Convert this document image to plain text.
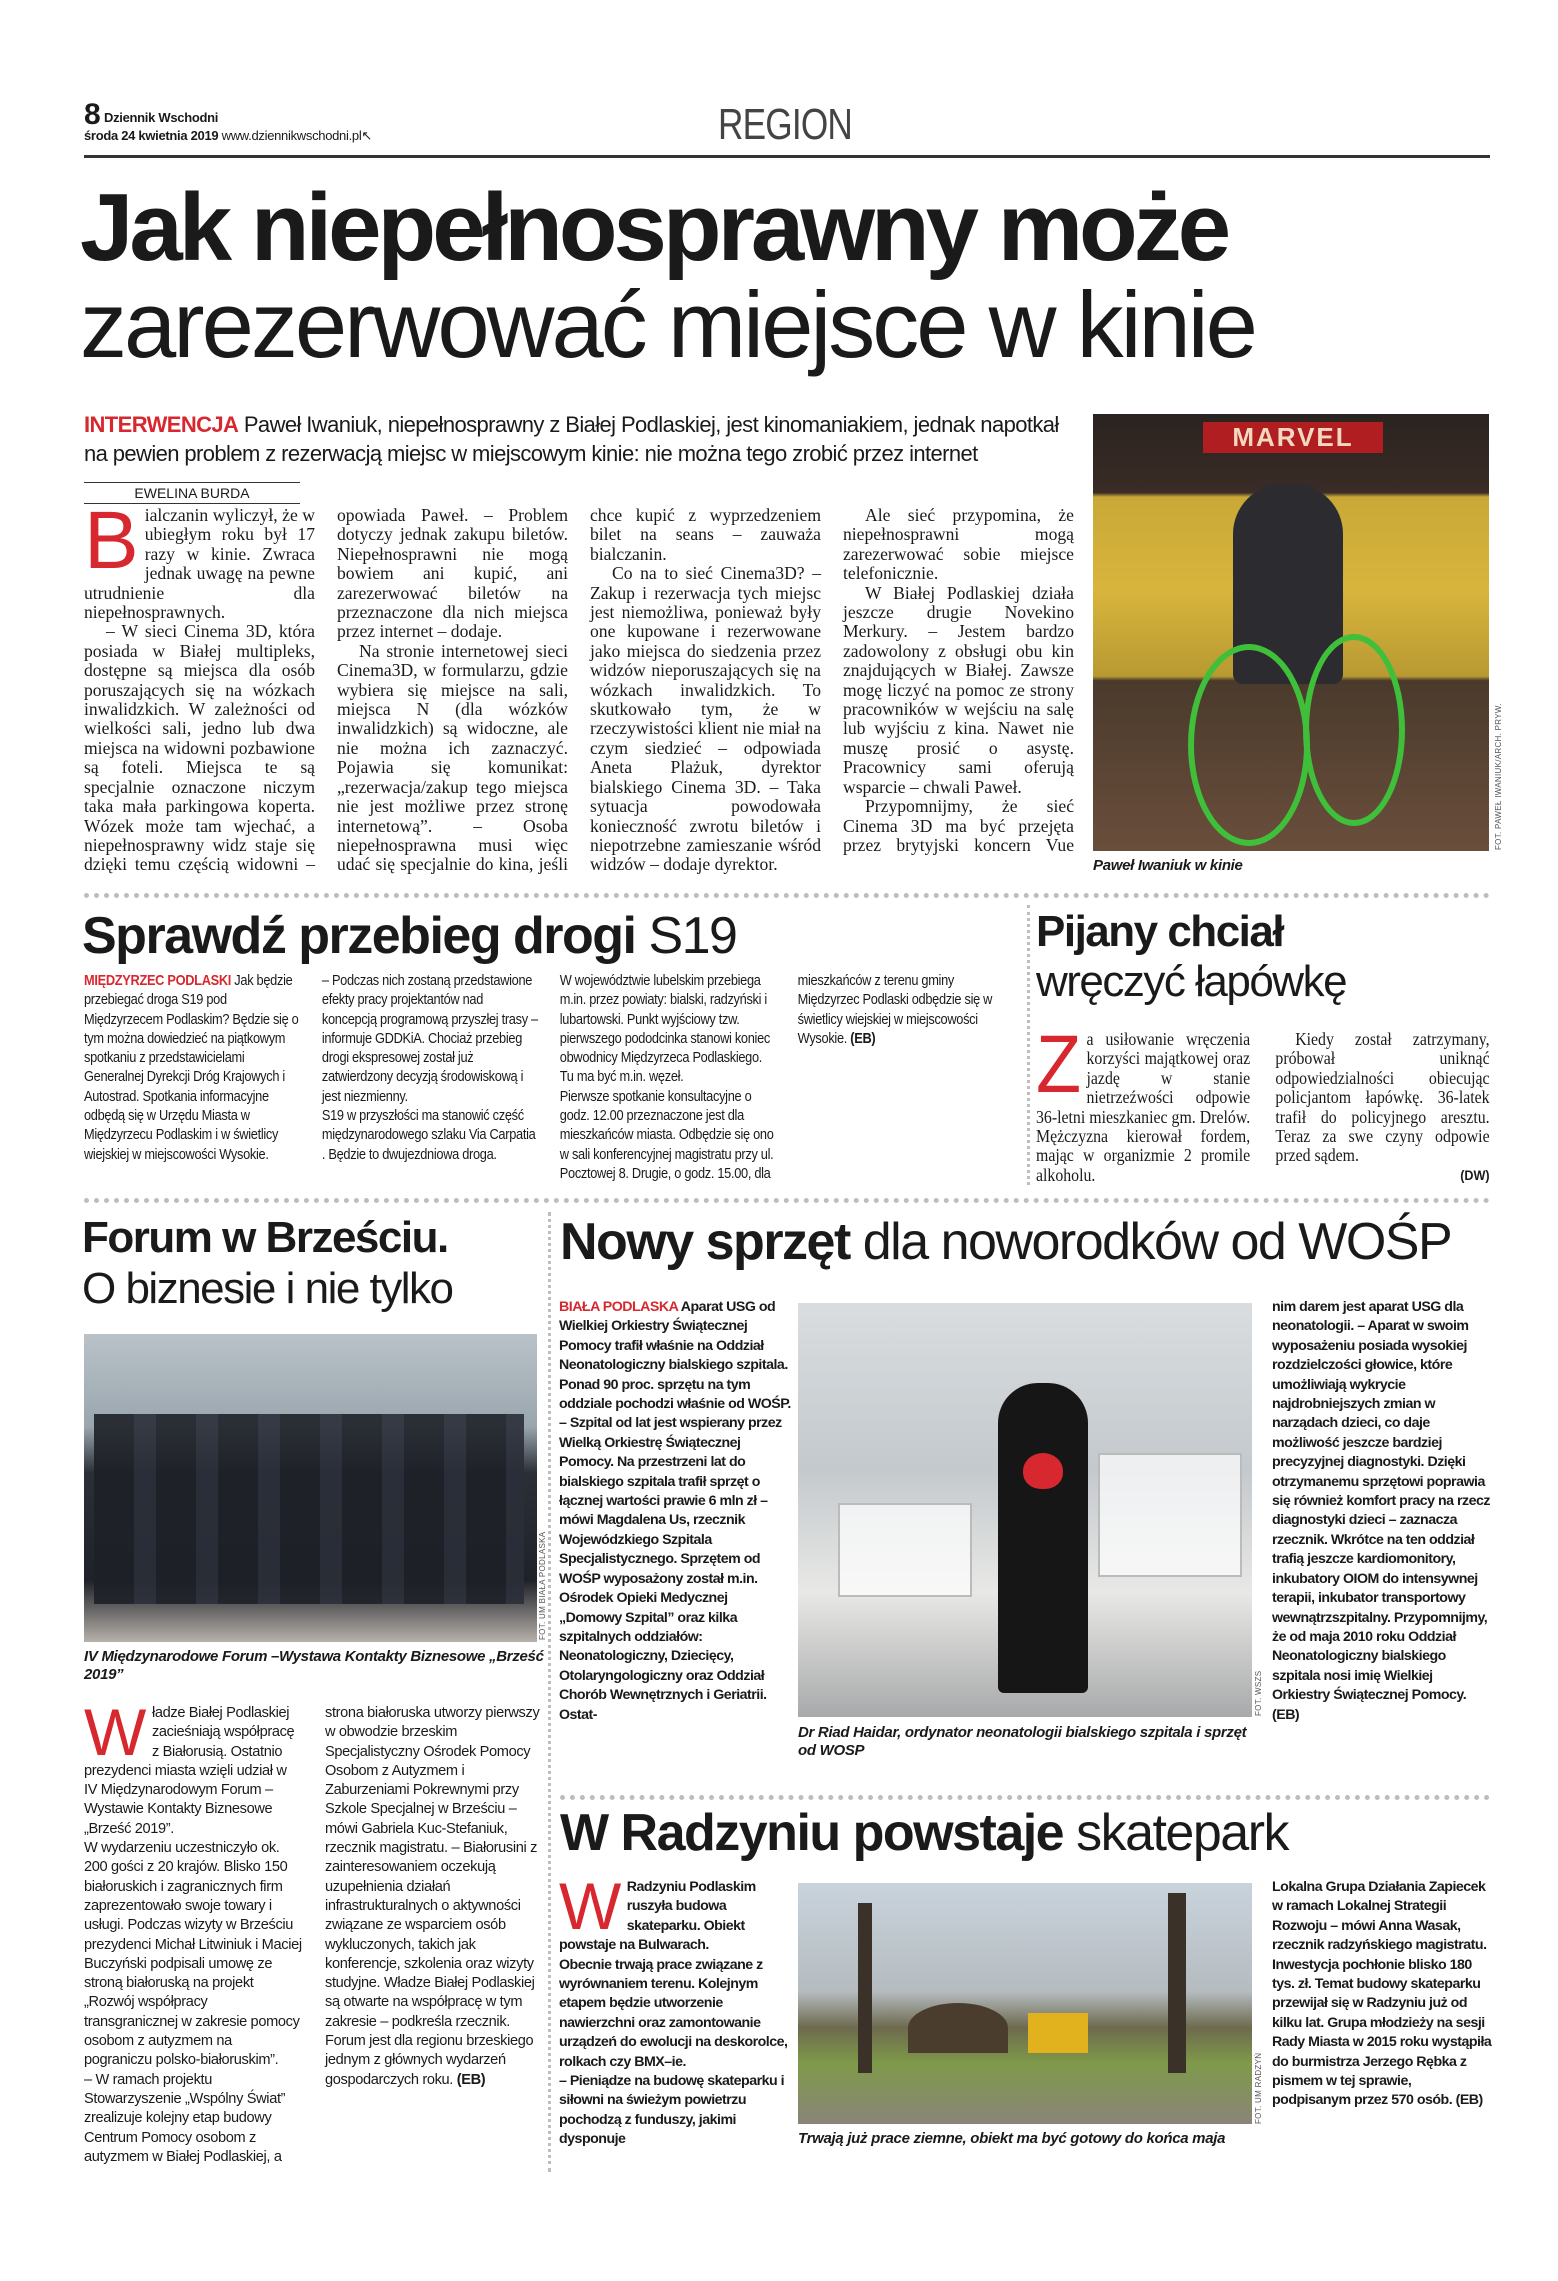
8 Dziennik Wschodni
środa 24 kwietnia 2019 www.dziennikwschodni.pl↖	REGION
Jak niepełnosprawny może
zarezerwować miejsce w kinie
INTERWENCJA Paweł Iwaniuk, niepełnosprawny z Białej Podlaskiej, jest kinomaniakiem, jednak napotkał na pewien problem z rezerwacją miejsc w miejscowym kinie: nie można tego zrobić przez internet
EWELINA BURDA

Bialczanin wyliczył, że w ubiegłym roku był 17 razy w kinie. Zwraca jednak uwagę na pewne utrudnienie dla niepełnosprawnych.

– W sieci Cinema 3D, która posiada w Białej multipleks, dostępne są miejsca dla osób poruszających się na wózkach inwalidzkich. W zależności od wielkości sali, jedno lub dwa miejsca na widowni pozbawione są foteli. Miejsca te są specjalnie oznaczone niczym taka mała parkingowa koperta. Wózek może tam wjechać, a niepełnosprawny widz staje się dzięki temu częścią widowni – opowiada Paweł. – Problem dotyczy jednak zakupu biletów. Niepełnosprawni nie mogą bowiem ani kupić, ani zarezerwować biletów na przeznaczone dla nich miejsca przez internet – dodaje.

Na stronie internetowej sieci Cinema3D, w formularzu, gdzie wybiera się miejsce na sali, miejsca N (dla wózków inwalidzkich) są widoczne, ale nie można ich zaznaczyć. Pojawia się komunikat: „rezerwacja/zakup tego miejsca nie jest możliwe przez stronę internetową”. – Osoba niepełnosprawna musi więc udać się specjalnie do kina, jeśli chce kupić z wyprzedzeniem bilet na seans – zauważa bialczanin.

Co na to sieć Cinema3D? – Zakup i rezerwacja tych miejsc jest niemożliwa, ponieważ były one kupowane i rezerwowane jako miejsca do siedzenia przez widzów nieporuszających się na wózkach inwalidzkich. To skutkowało tym, że w rzeczywistości klient nie miał na czym siedzieć – odpowiada Aneta Plażuk, dyrektor bialskiego Cinema 3D. – Taka sytuacja powodowała konieczność zwrotu biletów i niepotrzebne zamieszanie wśród widzów – dodaje dyrektor.

Ale sieć przypomina, że niepełnosprawni mogą zarezerwować sobie miejsce telefonicznie.

W Białej Podlaskiej działa jeszcze drugie Novekino Merkury. – Jestem bardzo zadowolony z obsługi obu kin znajdujących w Białej. Zawsze mogę liczyć na pomoc ze strony pracowników w wejściu na salę lub wyjściu z kina. Nawet nie muszę prosić o asystę. Pracownicy sami oferują wsparcie – chwali Paweł.

Przypomnijmy, że sieć Cinema 3D ma być przejęta przez brytyjski koncern Vue

MARVEL
FOT. PAWEŁ IWANIUK/ARCH. PRYW.
Paweł Iwaniuk w kinie
Sprawdź przebieg drogi S19

MIĘDZYRZEC PODLASKI Jak będzie przebiegać droga S19 pod Międzyrzecem Podlaskim? Będzie się o tym można dowiedzieć na piątkowym spotkaniu z przedstawicielami Generalnej Dyrekcji Dróg Krajowych i Autostrad. Spotkania informacyjne odbędą się w Urzędu Miasta w Międzyrzecu Podlaskim i w świetlicy wiejskiej w miejscowości Wysokie.

– Podczas nich zostaną przedstawione efekty pracy projektantów nad koncepcją programową przyszłej trasy – informuje GDDKiA. Chociaż przebieg drogi ekspresowej został już zatwierdzony decyzją środowiskową i jest niezmienny.

S19 w przyszłości ma stanowić część międzynarodowego szlaku Via Carpatia . Będzie to dwujezdniowa droga.

W województwie lubelskim przebiega m.in. przez powiaty: bialski, radzyński i lubartowski. Punkt wyjściowy tzw. pierwszego pododcinka stanowi koniec obwodnicy Międzyrzeca Podlaskiego. Tu ma być m.in. węzeł.

Pierwsze spotkanie konsultacyjne o godz. 12.00 przeznaczone jest dla mieszkańców miasta. Odbędzie się ono w sali konferencyjnej magistratu przy ul. Pocztowej 8. Drugie, o godz. 15.00, dla mieszkańców z terenu gminy Międzyrzec Podlaski odbędzie się w świetlicy wiejskiej w miejscowości Wysokie. (EB)

Pijany chciał
wręczyć łapówkę

Za usiłowanie wręczenia korzyści majątkowej oraz jazdę w stanie nietrzeźwości odpowie 36-letni mieszkaniec gm. Drelów. Mężczyzna kierował fordem, mając w organizmie 2 promile alkoholu.

Kiedy został zatrzymany, próbował uniknąć odpowiedzialności obiecując policjantom łapówkę. 36-latek trafił do policyjnego aresztu. Teraz za swe czyny odpowie przed sądem.

(DW)

Forum w Brześciu.
O biznesie i nie tylko
FOT. UM BIAŁA PODLASKA
IV Międzynarodowe Forum –Wystawa Kontakty Biznesowe „Brześć 2019”

Władze Białej Podlaskiej zacieśniają współpracę z Białorusią. Ostatnio prezydenci miasta wzięli udział w IV Międzynarodowym Forum –Wystawie Kontakty Biznesowe „Brześć 2019”.

W wydarzeniu uczestniczyło ok. 200 gości z 20 krajów. Blisko 150 białoruskich i zagranicznych firm zaprezentowało swoje towary i usługi. Podczas wizyty w Brześciu prezydenci Michał Litwiniuk i Maciej Buczyński podpisali umowę ze stroną białoruską na projekt „Rozwój współpracy transgranicznej w zakresie pomocy osobom z autyzmem na pograniczu polsko-białoruskim”.

– W ramach projektu Stowarzyszenie „Wspólny Świat” zrealizuje kolejny etap budowy Centrum Pomocy osobom z autyzmem w Białej Podlaskiej, a strona białoruska utworzy pierwszy w obwodzie brzeskim Specjalistyczny Ośrodek Pomocy Osobom z Autyzmem i Zaburzeniami Pokrewnymi przy Szkole Specjalnej w Brześciu – mówi Gabriela Kuc-Stefaniuk, rzecznik magistratu. – Białorusini z zainteresowaniem oczekują uzupełnienia działań infrastrukturalnych o aktywności związane ze wsparciem osób wykluczonych, takich jak konferencje, szkolenia oraz wizyty studyjne. Władze Białej Podlaskiej są otwarte na współpracę w tym zakresie – podkreśla rzecznik. Forum jest dla regionu brzeskiego jednym z głównych wydarzeń gospodarczych roku. (EB)

Nowy sprzęt dla noworodków od WOŚP

BIAŁA PODLASKA Aparat USG od Wielkiej Orkiestry Świątecznej Pomocy trafił właśnie na Oddział Neonatologiczny bialskiego szpitala. Ponad 90 proc. sprzętu na tym oddziale pochodzi właśnie od WOŚP. – Szpital od lat jest wspierany przez Wielką Orkiestrę Świątecznej Pomocy. Na przestrzeni lat do bialskiego szpitala trafił sprzęt o łącznej wartości prawie 6 mln zł – mówi Magdalena Us, rzecznik Wojewódzkiego Szpitala Specjalistycznego. Sprzętem od WOŚP wyposażony został m.in. Ośrodek Opieki Medycznej „Domowy Szpital” oraz kilka szpitalnych oddziałów: Neonatologiczny, Dziecięcy, Otolaryngologiczny oraz Oddział Chorób Wewnętrznych i Geriatrii. Ostat-	FOT. WSZS
Dr Riad Haidar, ordynator neonatologii bialskiego szpitala i sprzęt od WOSP

nim darem jest aparat USG dla neonatologii. – Aparat w swoim wyposażeniu posiada wysokiej rozdzielczości głowice, które umożliwiają wykrycie najdrobniejszych zmian w narządach dzieci, co daje możliwość jeszcze bardziej precyzyjnej diagnostyki. Dzięki otrzymanemu sprzętowi poprawia się również komfort pracy na rzecz diagnostyki dzieci – zaznacza rzecznik. Wkrótce na ten oddział trafią jeszcze kardiomonitory, inkubatory OIOM do intensywnej terapii, inkubator transportowy wewnątrzszpitalny. Przypomnijmy, że od maja 2010 roku Oddział Neonatologiczny bialskiego szpitala nosi imię Wielkiej Orkiestry Świątecznej Pomocy. (EB)

W Radzyniu powstaje skatepark

W Radzyniu Podlaskim ruszyła budowa skateparku. Obiekt powstaje na Bulwarach.

Obecnie trwają prace związane z wyrównaniem terenu. Kolejnym etapem będzie utworzenie nawierzchni oraz zamontowanie urządzeń do ewolucji na deskorolce, rolkach czy BMX–ie.

– Pieniądze na budowę skateparku i siłowni na świeżym powietrzu pochodzą z funduszy, jakimi dysponuje

FOT. UM RADZYŃ
Trwają już prace ziemne, obiekt ma być gotowy do końca maja

Lokalna Grupa Działania Zapiecek w ramach Lokalnej Strategii Rozwoju – mówi Anna Wasak, rzecznik radzyńskiego magistratu.

Inwestycja pochłonie blisko 180 tys. zł. Temat budowy skateparku przewijał się w Radzyniu już od kilku lat. Grupa młodzieży na sesji Rady Miasta w 2015 roku wystąpiła do burmistrza Jerzego Rębka z pismem w tej sprawie, podpisanym przez 570 osób. (EB)
